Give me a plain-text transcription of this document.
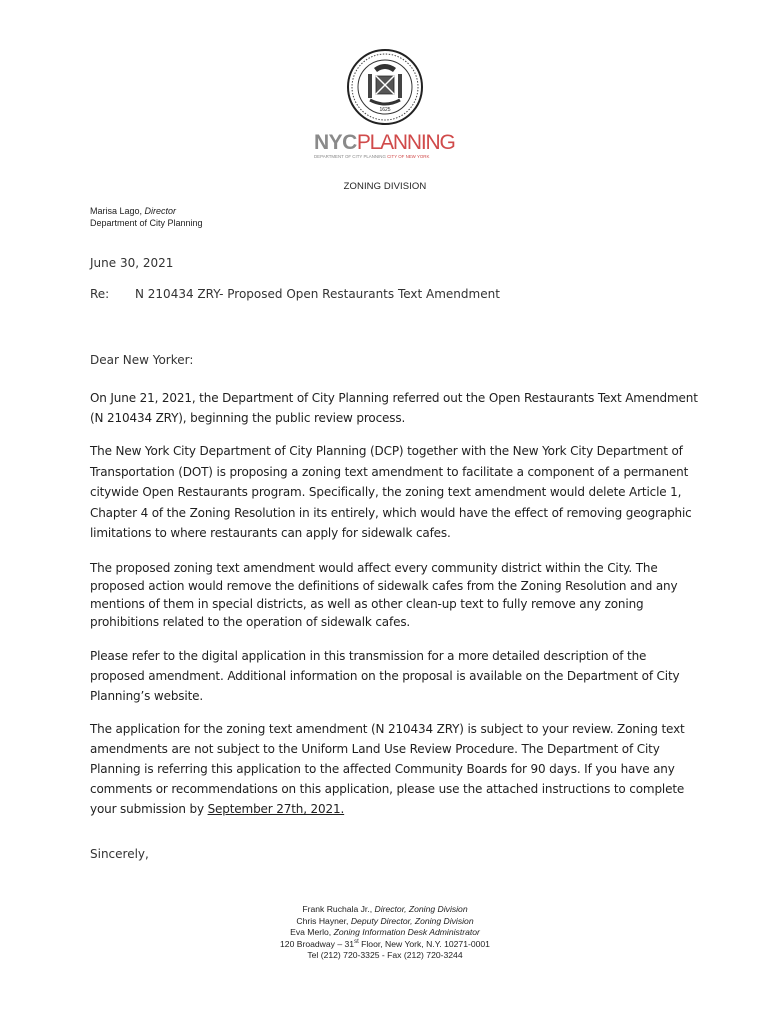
1625
NYCPLANNING
DEPARTMENT OF CITY PLANNING CITY OF NEW YORK
ZONING DIVISION
Marisa Lago, Director
Department of City Planning
June 30, 2021
Re: N 210434 ZRY- Proposed Open Restaurants Text Amendment
Dear New Yorker:
On June 21, 2021, the Department of City Planning referred out the Open Restaurants Text Amendment
(N 210434 ZRY), beginning the public review process.
The New York City Department of City Planning (DCP) together with the New York City Department of
Transportation (DOT) is proposing a zoning text amendment to facilitate a component of a permanent
citywide Open Restaurants program. Specifically, the zoning text amendment would delete Article 1,
Chapter 4 of the Zoning Resolution in its entirely, which would have the effect of removing geographic
limitations to where restaurants can apply for sidewalk cafes.
The proposed zoning text amendment would affect every community district within the City. The
proposed action would remove the definitions of sidewalk cafes from the Zoning Resolution and any
mentions of them in special districts, as well as other clean-up text to fully remove any zoning
prohibitions related to the operation of sidewalk cafes.
Please refer to the digital application in this transmission for a more detailed description of the
proposed amendment. Additional information on the proposal is available on the Department of City
Planning’s website.
The application for the zoning text amendment (N 210434 ZRY) is subject to your review. Zoning text
amendments are not subject to the Uniform Land Use Review Procedure. The Department of City
Planning is referring this application to the affected Community Boards for 90 days. If you have any
comments or recommendations on this application, please use the attached instructions to complete
your submission by September 27th, 2021.
Sincerely,
Frank Ruchala Jr., Director, Zoning Division
Chris Hayner, Deputy Director, Zoning Division
Eva Merlo, Zoning Information Desk Administrator
120 Broadway – 31st Floor, New York, N.Y. 10271-0001
Tel (212) 720-3325 - Fax (212) 720-3244
